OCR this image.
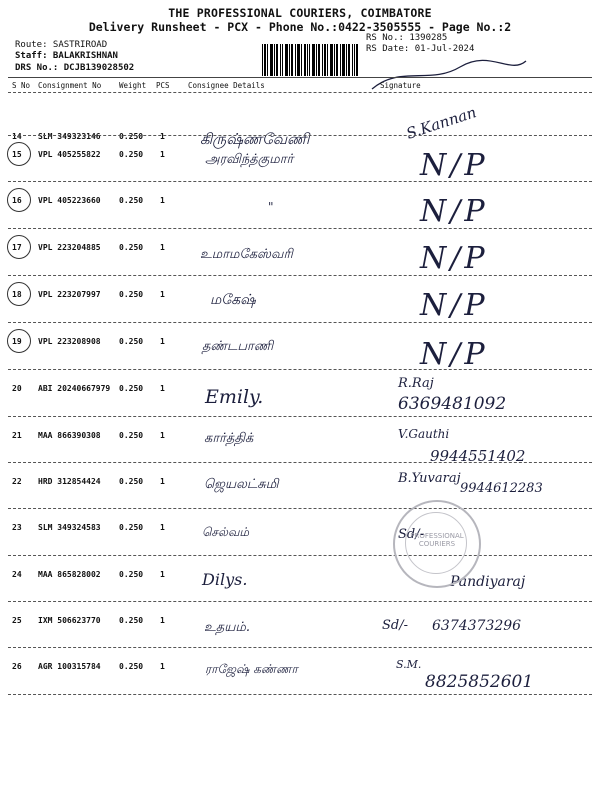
THE PROFESSIONAL COURIERS, COIMBATORE
Delivery Runsheet - PCX - Phone No.:0422-3505555 - Page No.:2
Route: SASTRIROAD
Staff: BALAKRISHNAN
DRS No.: DCJB139028502
RS No.: 1390285
RS Date: 01-Jul-2024
S No Consignment No Weight PCS Consignee Details	Signature
14 SLM 349323146 0.250 1 கிருஷ்ணவேணி	S.Kannan
15 VPL 405255822 0.250 1	அரவிந்த்குமார்	N/P
16 VPL 405223660 0.250 1	"	N/P
17 VPL 223204885 0.250 1	உமாமகேஸ்வரி	N/P
18 VPL 223207997 0.250 1	மகேஷ்	N/P
19 VPL 223208908 0.250 1	தண்டபாணி	N/P
20 ABI 20240667979 0.250 1 Emily.
R.Raj
6369481092
21 MAA 866390308 0.250 1	கார்த்திக்	V.Gauthi
9944551402
22 HRD 312854424 0.250 1	ஜெயலட்சுமி	B.Yuvaraj
9944612283
23 SLM 349324583 0.250 1	செல்வம்	Sd/-
24 MAA 865828002 0.250 1 Dilys.	Pandiyaraj
25 IXM 506623770 0.250 1	உதயம்.	Sd/- 6374373296
26 AGR 100315784 0.250 1	ராஜேஷ் கண்ணா	S.M.
8825852601
PROFESSIONAL COURIERS
